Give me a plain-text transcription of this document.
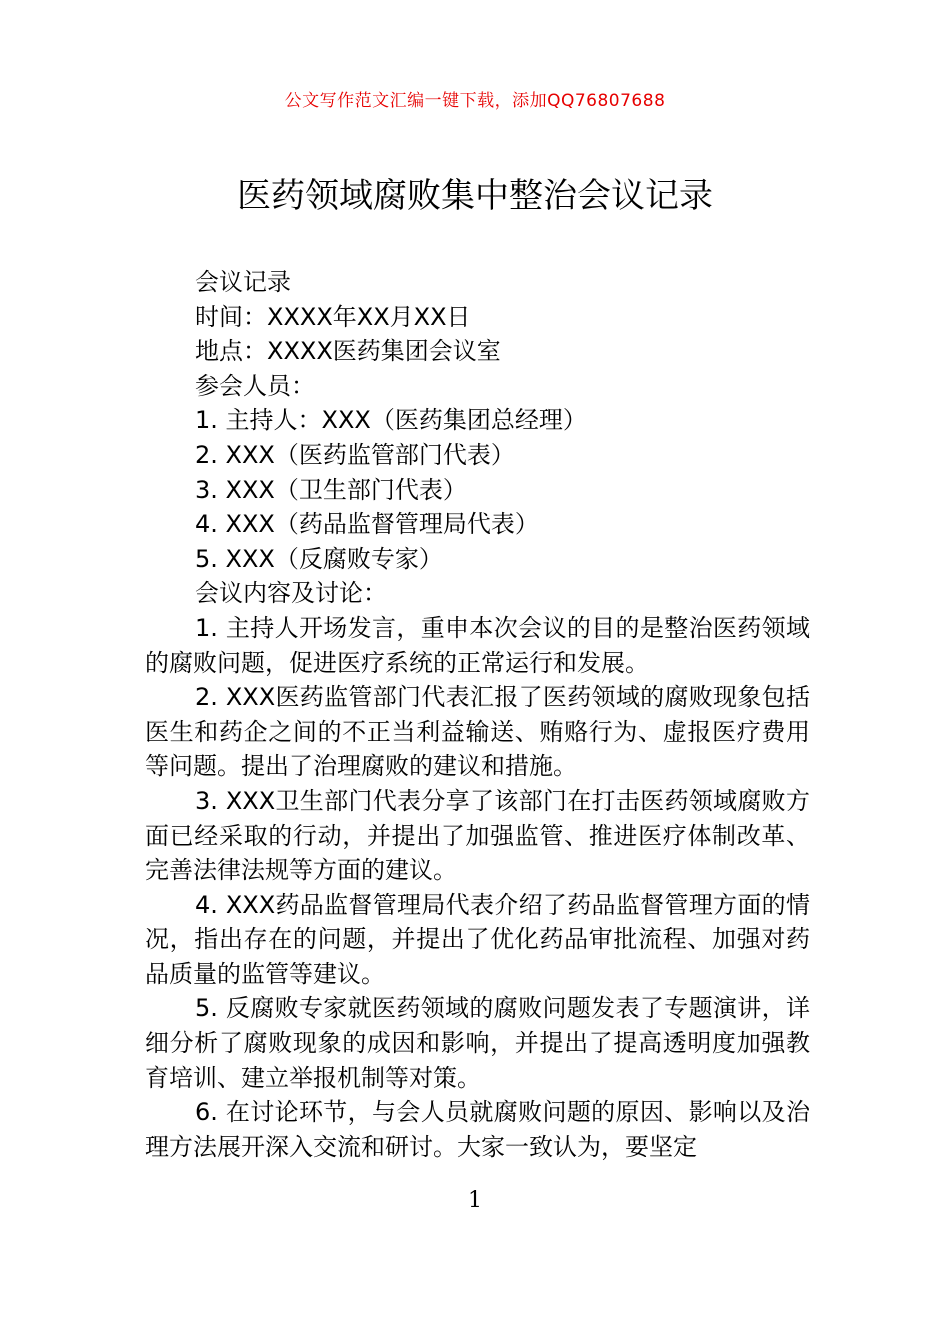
公文写作范文汇编一键下载，添加QQ76807688
医药领域腐败集中整治会议记录

会议记录

时间：XXXX年XX月XX日

地点：XXXX医药集团会议室

参会人员：

1. 主持人：XXX（医药集团总经理）

2. XXX（医药监管部门代表）

3. XXX（卫生部门代表）

4. XXX（药品监督管理局代表）

5. XXX（反腐败专家）

会议内容及讨论：

1. 主持人开场发言，重申本次会议的目的是整治医药领域的腐败问题，促进医疗系统的正常运行和发展。

2. XXX医药监管部门代表汇报了医药领域的腐败现象包括医生和药企之间的不正当利益输送、贿赂行为、虚报医疗费用等问题。提出了治理腐败的建议和措施。

3. XXX卫生部门代表分享了该部门在打击医药领域腐败方面已经采取的行动，并提出了加强监管、推进医疗体制改革、完善法律法规等方面的建议。

4. XXX药品监督管理局代表介绍了药品监督管理方面的情况，指出存在的问题，并提出了优化药品审批流程、加强对药品质量的监管等建议。

5. 反腐败专家就医药领域的腐败问题发表了专题演讲，详细分析了腐败现象的成因和影响，并提出了提高透明度加强教育培训、建立举报机制等对策。

6. 在讨论环节，与会人员就腐败问题的原因、影响以及治理方法展开深入交流和研讨。大家一致认为，要坚定

1
